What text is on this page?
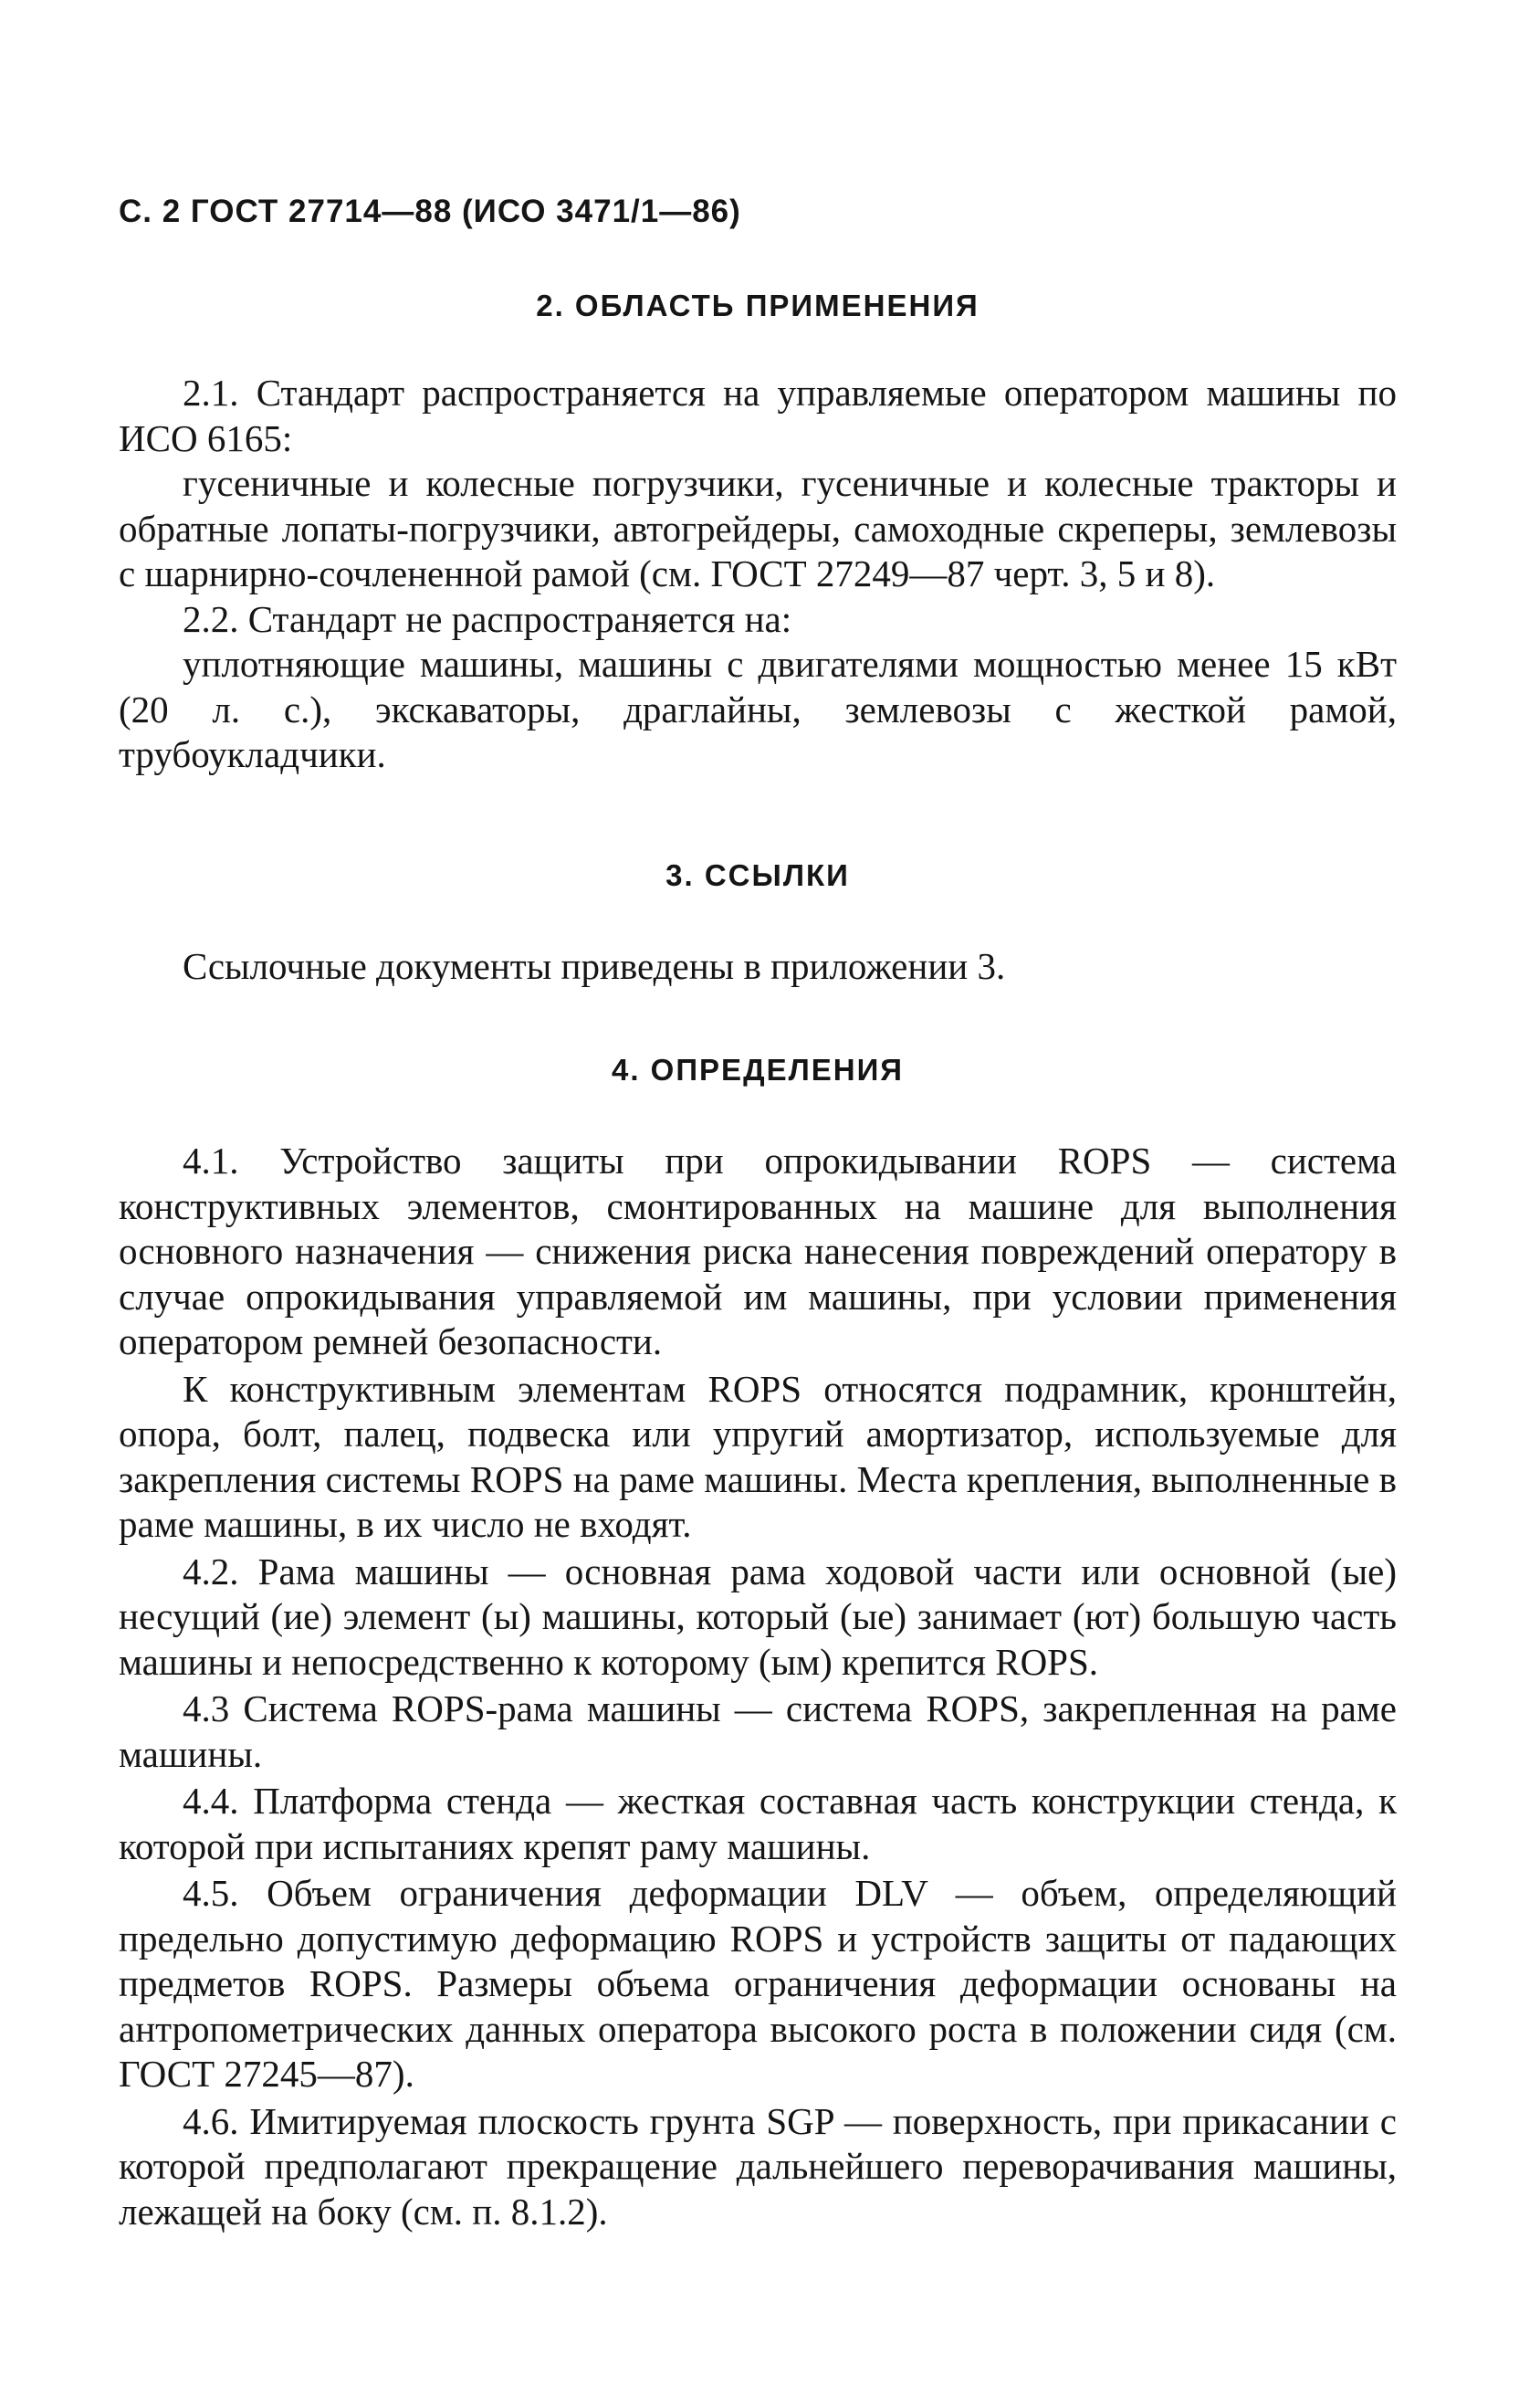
С. 2 ГОСТ 27714—88 (ИСО 3471/1—86)
2. ОБЛАСТЬ ПРИМЕНЕНИЯ

2.1. Стандарт распространяется на управляемые оператором машины по ИСО 6165:

гусеничные и колесные погрузчики, гусеничные и колесные тракторы и обратные лопаты-погрузчики, автогрейдеры, самоходные скреперы, землевозы с шарнирно-сочлененной рамой (см. ГОСТ 27249—87 черт. 3, 5 и 8).

2.2. Стандарт не распространяется на:

уплотняющие машины, машины с двигателями мощностью менее 15 кВт (20 л. с.), экскаваторы, драглайны, землевозы с жесткой рамой, трубоукладчики.

3. ССЫЛКИ

Ссылочные документы приведены в приложении 3.

4. ОПРЕДЕЛЕНИЯ

4.1. Устройство защиты при опрокидывании ROPS — система конструктивных элементов, смонтированных на машине для выполнения основного назначения — снижения риска нанесения повреждений оператору в случае опрокидывания управляемой им машины, при условии применения оператором ремней безопасности.

К конструктивным элементам ROPS относятся подрамник, кронштейн, опора, болт, палец, подвеска или упругий амортизатор, используемые для закрепления системы ROPS на раме машины. Места крепления, выполненные в раме машины, в их число не входят.

4.2. Рама машины — основная рама ходовой части или основной (ые) несущий (ие) элемент (ы) машины, который (ые) занимает (ют) большую часть машины и непосредственно к которому (ым) крепится ROPS.

4.3 Система ROPS-рама машины — система ROPS, закрепленная на раме машины.

4.4. Платформа стенда — жесткая составная часть конструкции стенда, к которой при испытаниях крепят раму машины.

4.5. Объем ограничения деформации DLV — объем, определяющий предельно допустимую деформацию ROPS и устройств защиты от падающих предметов ROPS. Размеры объема ограничения деформации основаны на антропометрических данных оператора высокого роста в положении сидя (см. ГОСТ 27245—87).

4.6. Имитируемая плоскость грунта SGP — поверхность, при прикасании с которой предполагают прекращение дальнейшего переворачивания машины, лежащей на боку (см. п. 8.1.2).
